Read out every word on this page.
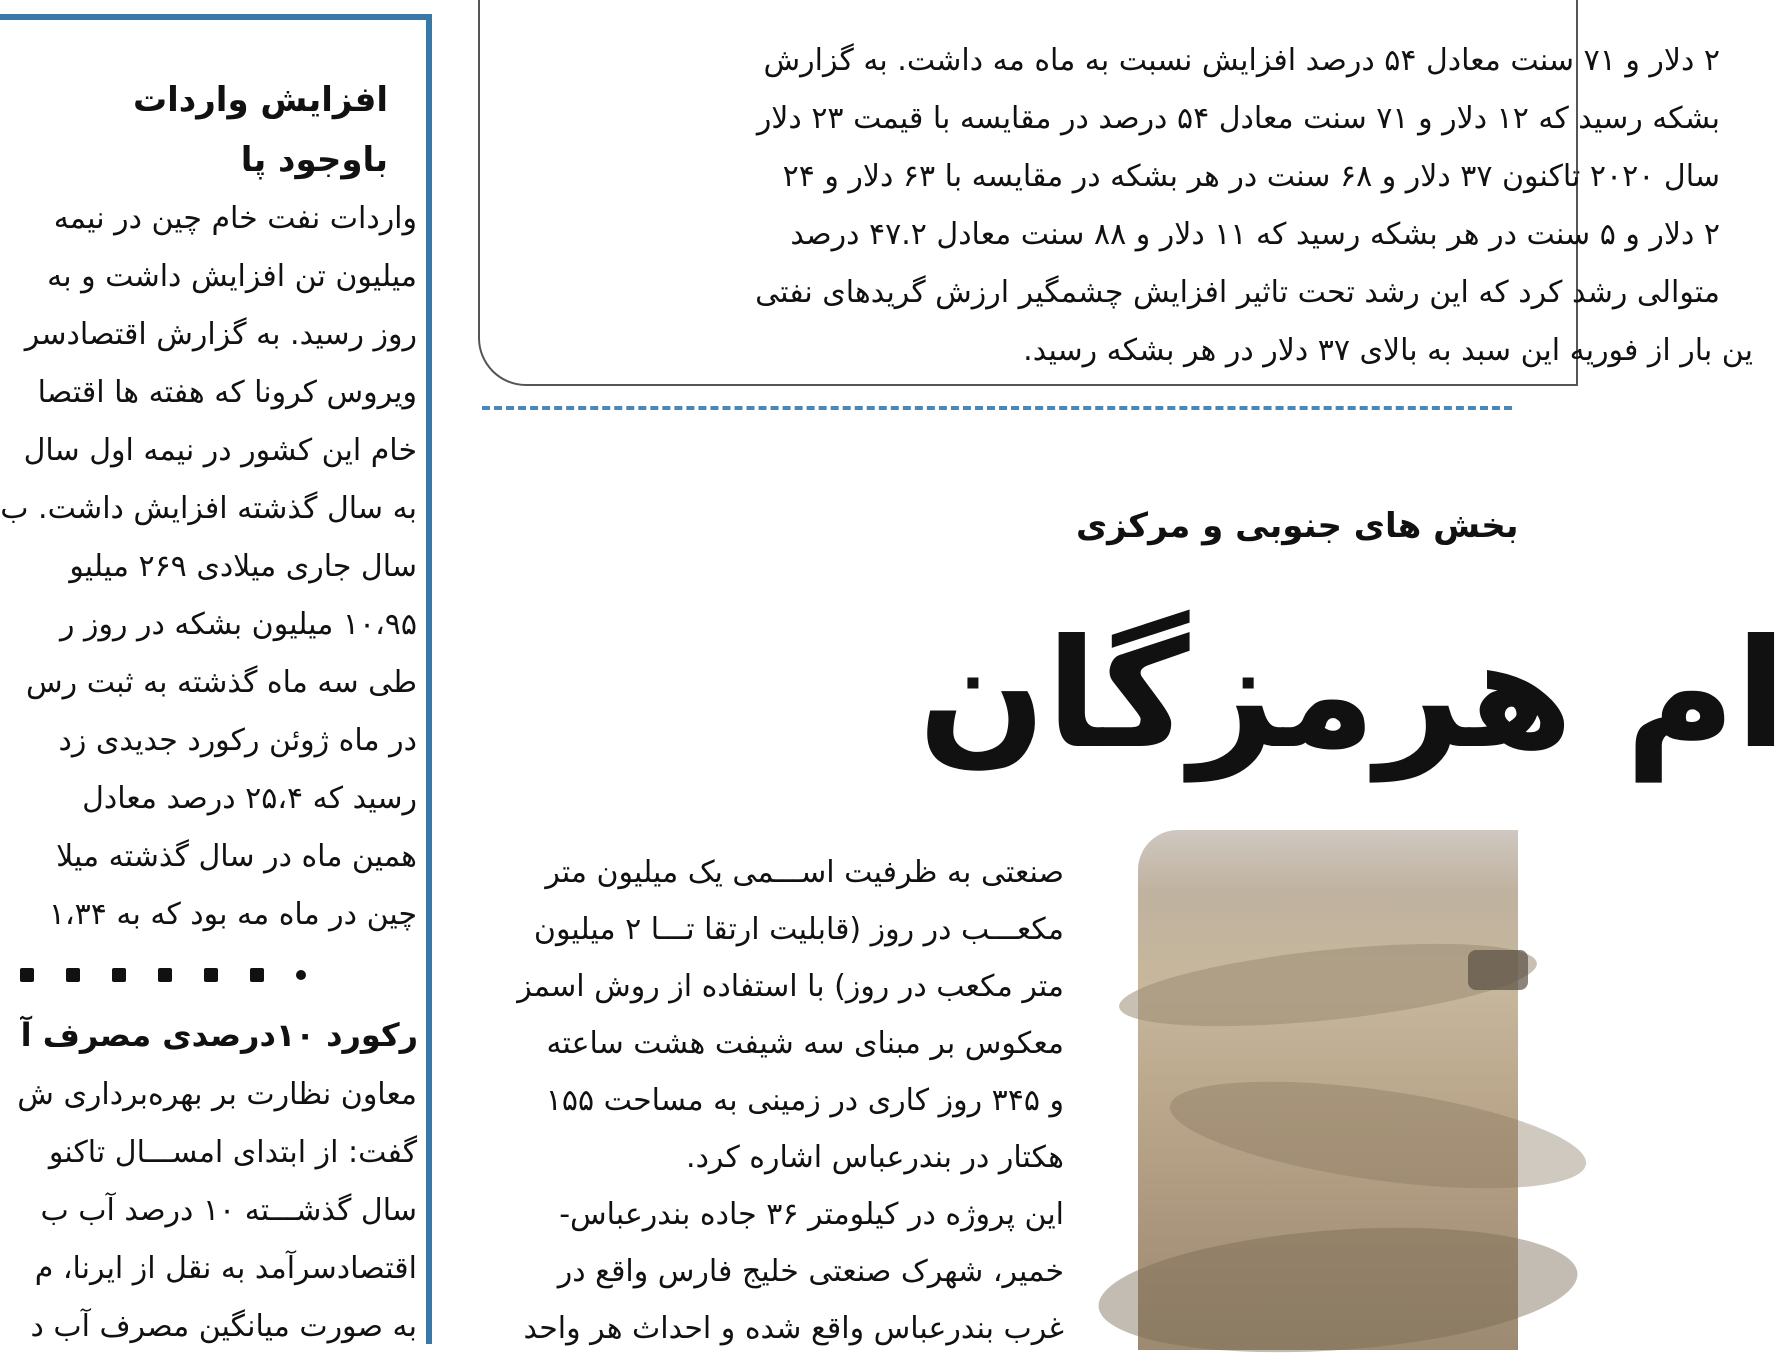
افزایش واردات
باوجود پا
واردات نفت خام چین در نیمه
میلیون تن افزایش داشت و به
روز رسید. به گزارش اقتصادسر
ویروس کرونا که هفته ها اقتصا
خام این کشور در نیمه اول سال
به سال گذشته افزایش داشت. ب
سال جاری میلادی ۲۶۹ میلیو
۱۰،۹۵ میلیون بشکه در روز ر
طی سه ماه گذشته به ثبت رس
در ماه ژوئن رکورد جدیدی زد
رسید که ۲۵،۴ درصد معادل
همین ماه در سال گذشته میلا
چین در ماه مه بود که به ۱،۳۴
رکورد ۱۰درصدی مصرف آ
معاون نظارت بر بهره‌برداری ش
گفت: از ابتدای امســـال تاکنو
سال گذشـــته ۱۰ درصد آب ب
اقتصادسرآمد به نقل از ایرنا، م
به صورت میانگین مصرف آب د
۲ دلار و ۷۱ سنت معادل ۵۴ درصد افزایش نسبت به ماه مه داشت. به گزارش
بشکه رسید که ۱۲ دلار و ۷۱ سنت معادل ۵۴ درصد در مقایسه با قیمت ۲۳ دلار
سال ۲۰۲۰ تاکنون ۳۷ دلار و ۶۸ سنت در هر بشکه در مقایسه با ۶۳ دلار و ۲۴
۲ دلار و ۵ سنت در هر بشکه رسید که ۱۱ دلار و ۸۸ سنت معادل ۴۷.۲ درصد
متوالی رشد کرد که این رشد تحت تاثیر افزایش چشمگیر ارزش گریدهای نفتی
ین بار از فوریه این سبد به بالای ۳۷ دلار در هر بشکه رسید.
بخش های جنوبی و مرکزی
ام هرمزگان
صنعتی به ظرفیت اســـمی یک میلیون متر
مکعـــب در روز (قابلیت ارتقا تـــا ۲ میلیون
متر مکعب در روز) با استفاده از روش اسمز
معکوس بر مبنای سه شیفت هشت ساعته
و ۳۴۵ روز کاری در زمینی به مساحت ۱۵۵
هکتار در بندرعباس اشاره کرد.
این پروژه در کیلومتر ۳۶ جاده بندرعباس-
خمیر، شهرک صنعتی خلیج فارس واقع در
غرب بندرعباس واقع شده و احداث هر واحد
